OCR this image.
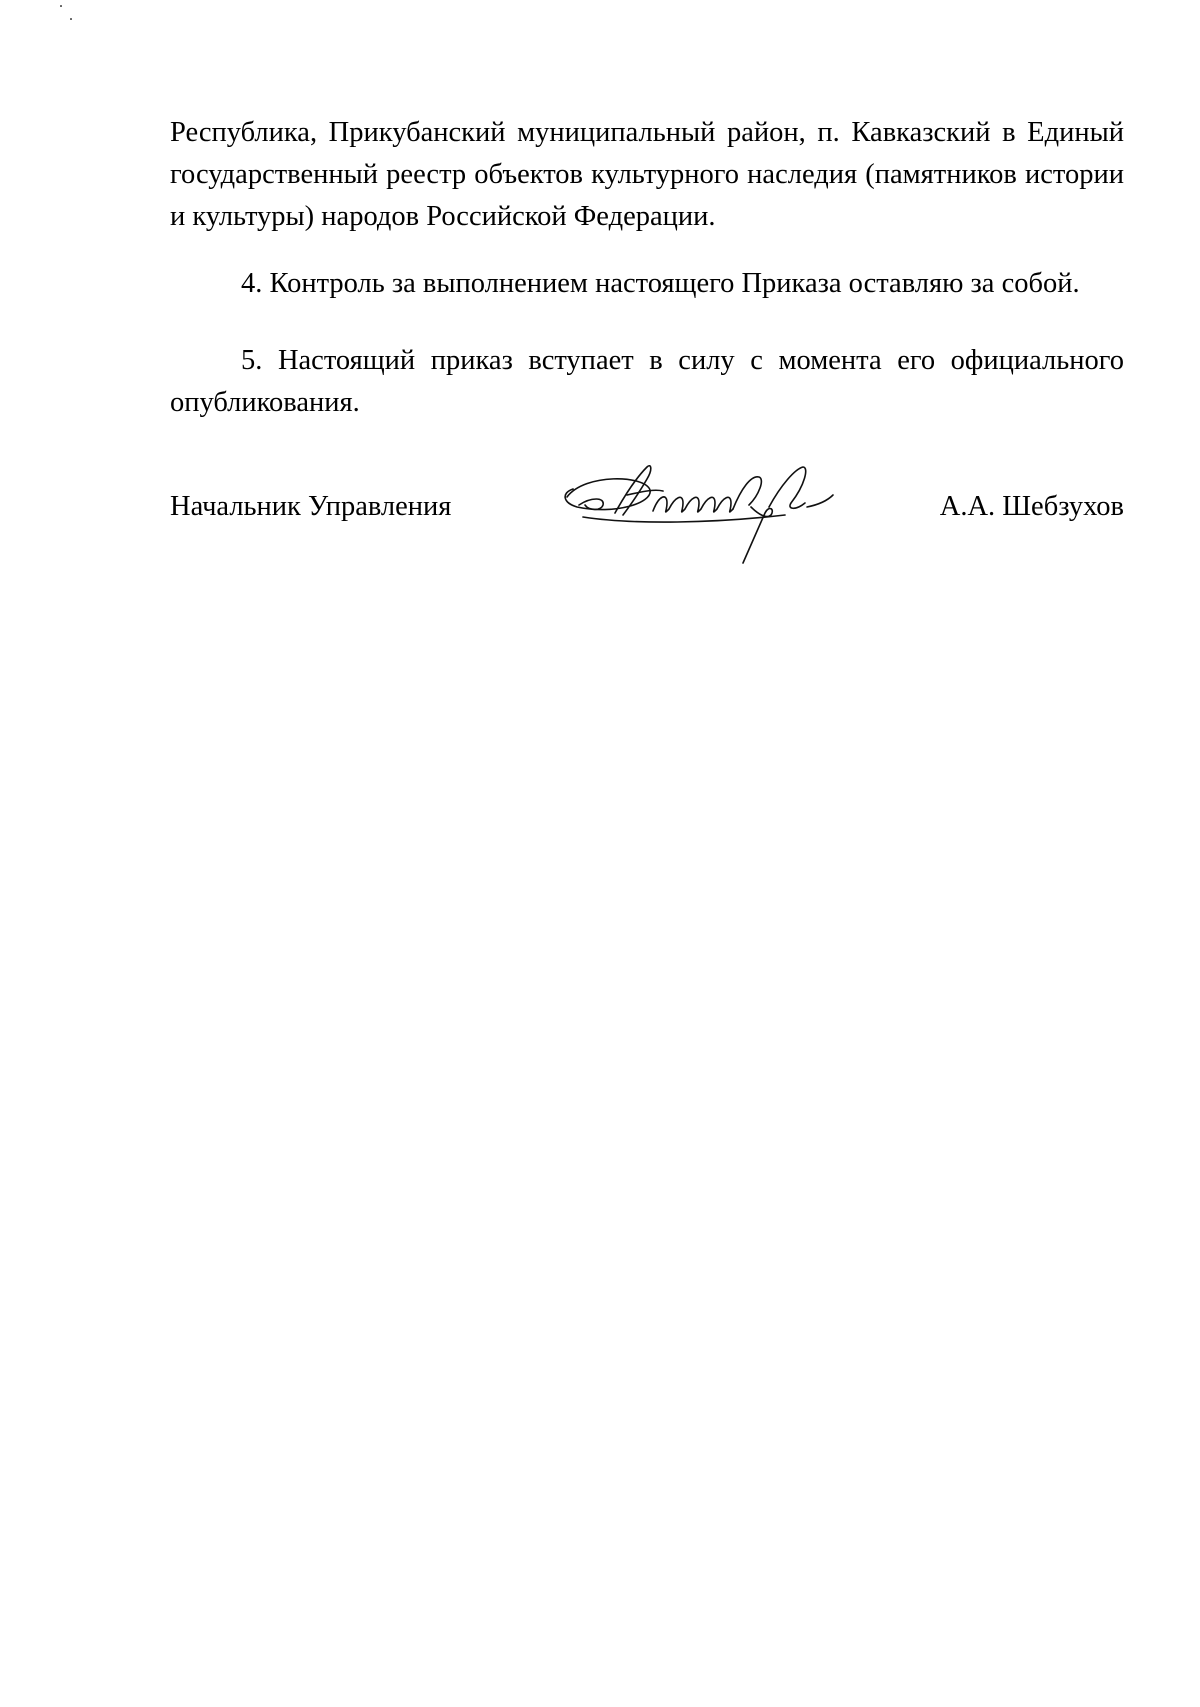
Республика, Прикубанский муниципальный район, п. Кавказский в Единый государственный реестр объектов культурного наследия (памятников истории и культуры) народов Российской Федерации.

4. Контроль за выполнением настоящего Приказа оставляю за собой.

5. Настоящий приказ вступает в силу с момента его официального опубликования.

Начальник Управления	А.А. Шебзухов
